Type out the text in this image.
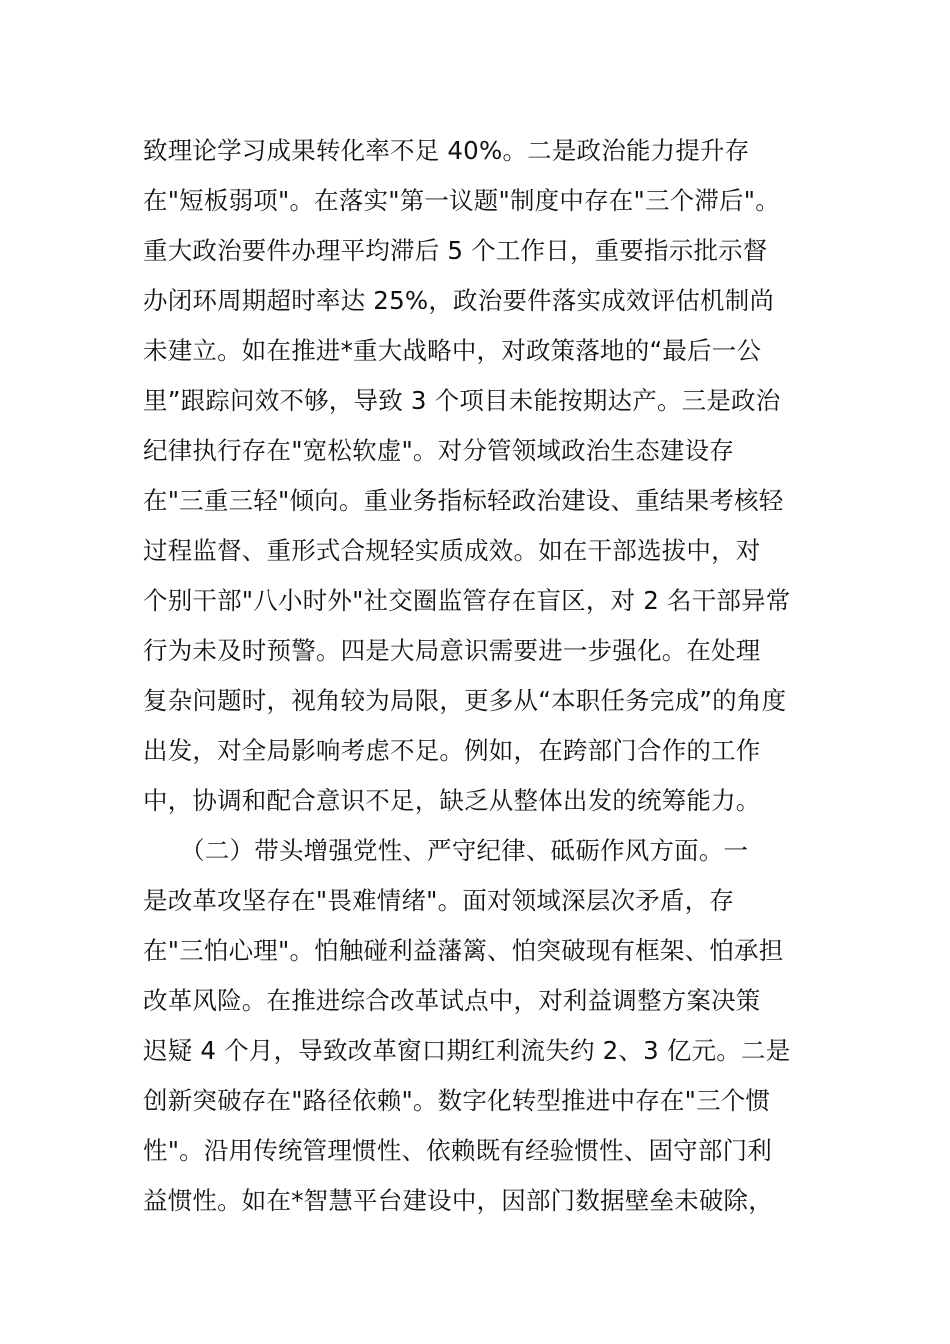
致理论学习成果转化率不足 40%。二是政治能力提升存
在"短板弱项"。在落实"第一议题"制度中存在"三个滞后"。
重大政治要件办理平均滞后 5 个工作日，重要指示批示督
办闭环周期超时率达 25%，政治要件落实成效评估机制尚
未建立。如在推进*重大战略中，对政策落地的“最后一公
里”跟踪问效不够，导致 3 个项目未能按期达产。三是政治
纪律执行存在"宽松软虚"。对分管领域政治生态建设存
在"三重三轻"倾向。重业务指标轻政治建设、重结果考核轻
过程监督、重形式合规轻实质成效。如在干部选拔中，对
个别干部"八小时外"社交圈监管存在盲区，对 2 名干部异常
行为未及时预警。四是大局意识需要进一步强化。在处理
复杂问题时，视角较为局限，更多从“本职任务完成”的角度
出发，对全局影响考虑不足。例如，在跨部门合作的工作
中，协调和配合意识不足，缺乏从整体出发的统筹能力。
　　（二）带头增强党性、严守纪律、砥砺作风方面。一
是改革攻坚存在"畏难情绪"。面对领域深层次矛盾，存
在"三怕心理"。怕触碰利益藩篱、怕突破现有框架、怕承担
改革风险。在推进综合改革试点中，对利益调整方案决策
迟疑 4 个月，导致改革窗口期红利流失约 2、3 亿元。二是
创新突破存在"路径依赖"。数字化转型推进中存在"三个惯
性"。沿用传统管理惯性、依赖既有经验惯性、固守部门利
益惯性。如在*智慧平台建设中，因部门数据壁垒未破除，
